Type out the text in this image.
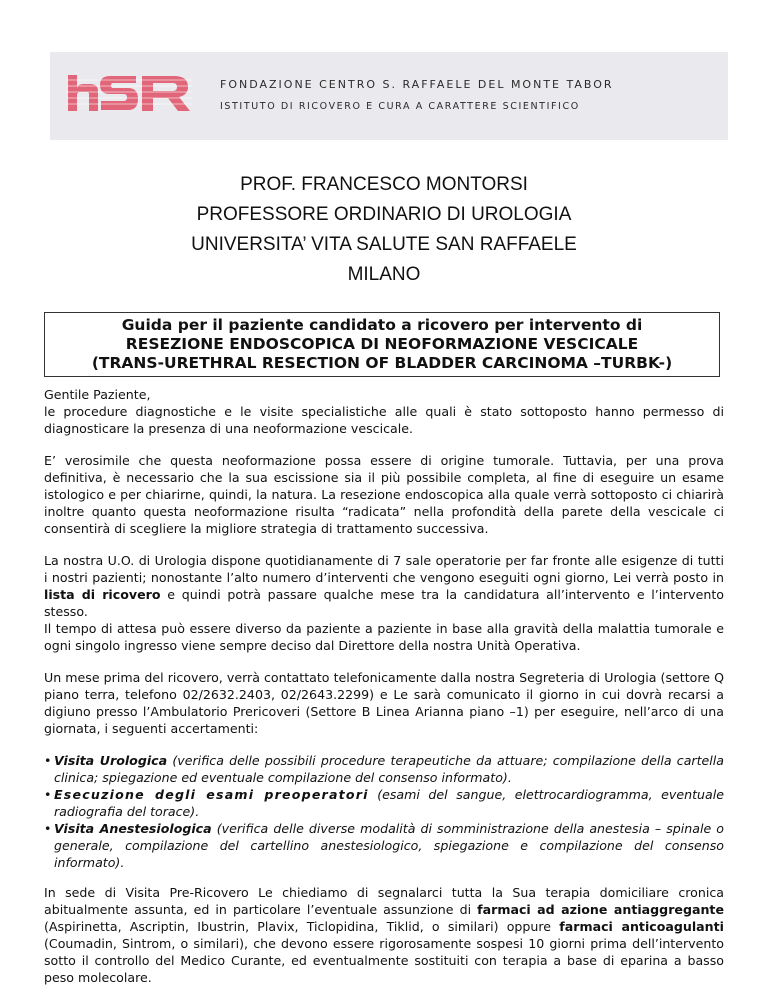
FONDAZIONE CENTRO S. RAFFAELE DEL MONTE TABOR
ISTITUTO DI RICOVERO E CURA A CARATTERE SCIENTIFICO
PROF. FRANCESCO MONTORSI
PROFESSORE ORDINARIO DI UROLOGIA
UNIVERSITA’ VITA SALUTE SAN RAFFAELE
MILANO
Guida per il paziente candidato a ricovero per intervento di
RESEZIONE ENDOSCOPICA DI NEOFORMAZIONE VESCICALE
(TRANS-URETHRAL RESECTION OF BLADDER CARCINOMA –TURBK-)

Gentile Paziente,

le procedure diagnostiche e le visite specialistiche alle quali è stato sottoposto hanno permesso di diagnosticare la presenza di una neoformazione vescicale.

E’ verosimile che questa neoformazione possa essere di origine tumorale. Tuttavia, per una prova definitiva, è necessario che la sua escissione sia il più possibile completa, al fine di eseguire un esame istologico e per chiarirne, quindi, la natura. La resezione endoscopica alla quale verrà sottoposto ci chiarirà inoltre quanto questa neoformazione risulta “radicata” nella profondità della parete della vescicale ci consentirà di scegliere la migliore strategia di trattamento successiva.

La nostra U.O. di Urologia dispone quotidianamente di 7 sale operatorie per far fronte alle esigenze di tutti i nostri pazienti; nonostante l’alto numero d’interventi che vengono eseguiti ogni giorno, Lei verrà posto in lista di ricovero e quindi potrà passare qualche mese tra la candidatura all’intervento e l’intervento stesso.

Il tempo di attesa può essere diverso da paziente a paziente in base alla gravità della malattia tumorale e ogni singolo ingresso viene sempre deciso dal Direttore della nostra Unità Operativa.

Un mese prima del ricovero, verrà contattato telefonicamente dalla nostra Segreteria di Urologia (settore Q piano terra, telefono 02/2632.2403, 02/2643.2299) e Le sarà comunicato il giorno in cui dovrà recarsi a digiuno presso l’Ambulatorio Prericoveri (Settore B Linea Arianna piano –1) per eseguire, nell’arco di una giornata, i seguenti accertamenti:

• Visita Urologica (verifica delle possibili procedure terapeutiche da attuare; compilazione della cartella clinica; spiegazione ed eventuale compilazione del consenso informato).
• Esecuzione degli esami preoperatori (esami del sangue, elettrocardiogramma, eventuale radiografia del torace).
• Visita Anestesiologica (verifica delle diverse modalità di somministrazione della anestesia – spinale o generale, compilazione del cartellino anestesiologico, spiegazione e compilazione del consenso informato).

In sede di Visita Pre-Ricovero Le chiediamo di segnalarci tutta la Sua terapia domiciliare cronica abitualmente assunta, ed in particolare l’eventuale assunzione di farmaci ad azione antiaggregante (Aspirinetta, Ascriptin, Ibustrin, Plavix, Ticlopidina, Tiklid, o similari) oppure farmaci anticoagulanti (Coumadin, Sintrom, o similari), che devono essere rigorosamente sospesi 10 giorni prima dell’intervento sotto il controllo del Medico Curante, ed eventualmente sostituiti con terapia a base di eparina a basso peso molecolare.
